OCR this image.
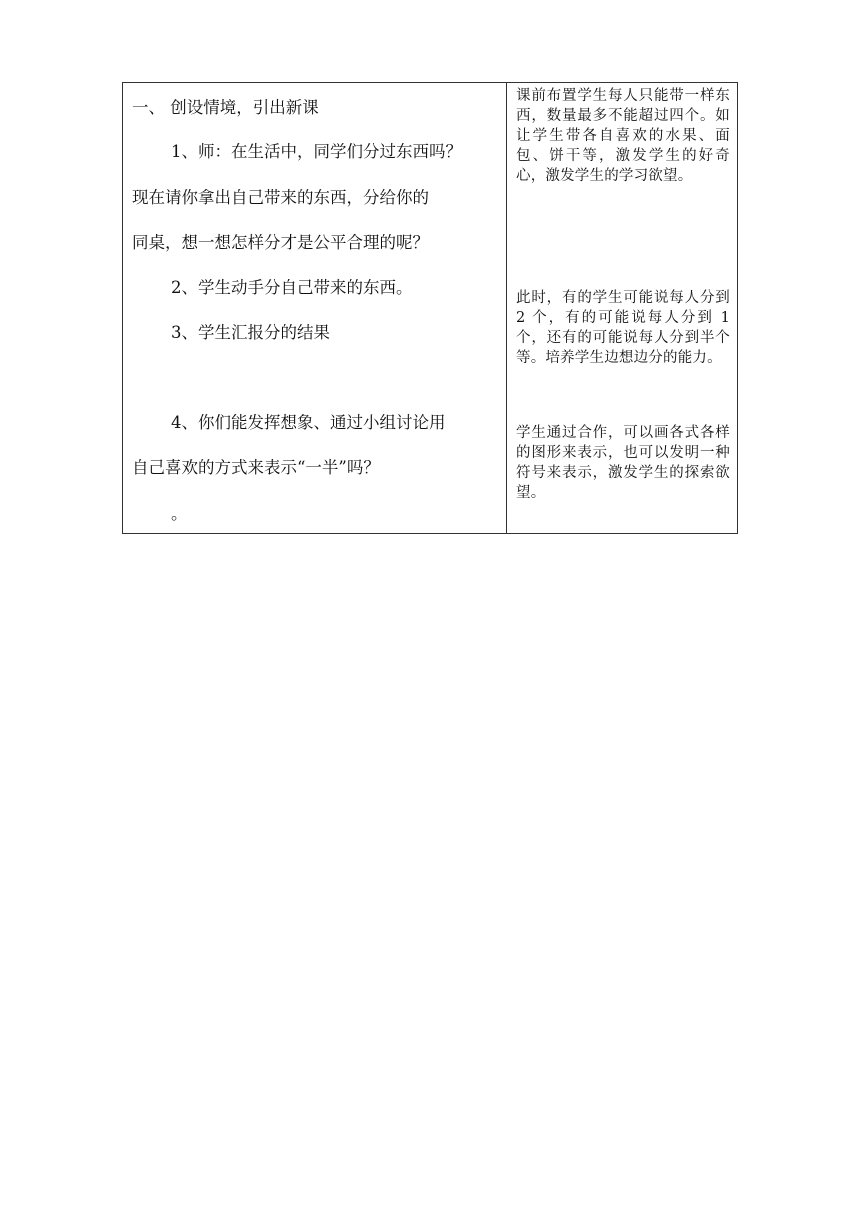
一、 创设情境，引出新课
1、师：在生活中，同学们分过东西吗？
现在请你拿出自己带来的东西，分给你的
同桌，想一想怎样分才是公平合理的呢？
2、学生动手分自己带来的东西。
3、学生汇报分的结果
4、你们能发挥想象、通过小组讨论用
自己喜欢的方式来表示“一半”吗？
。
课前布置学生每人只能带一样东西，数量最多不能超过四个。如让学生带各自喜欢的水果、面包、饼干等，激发学生的好奇心，激发学生的学习欲望。
此时，有的学生可能说每人分到 2 个，有的可能说每人分到 1 个，还有的可能说每人分到半个等。培养学生边想边分的能力。
学生通过合作，可以画各式各样的图形来表示，也可以发明一种符号来表示，激发学生的探索欲望。
